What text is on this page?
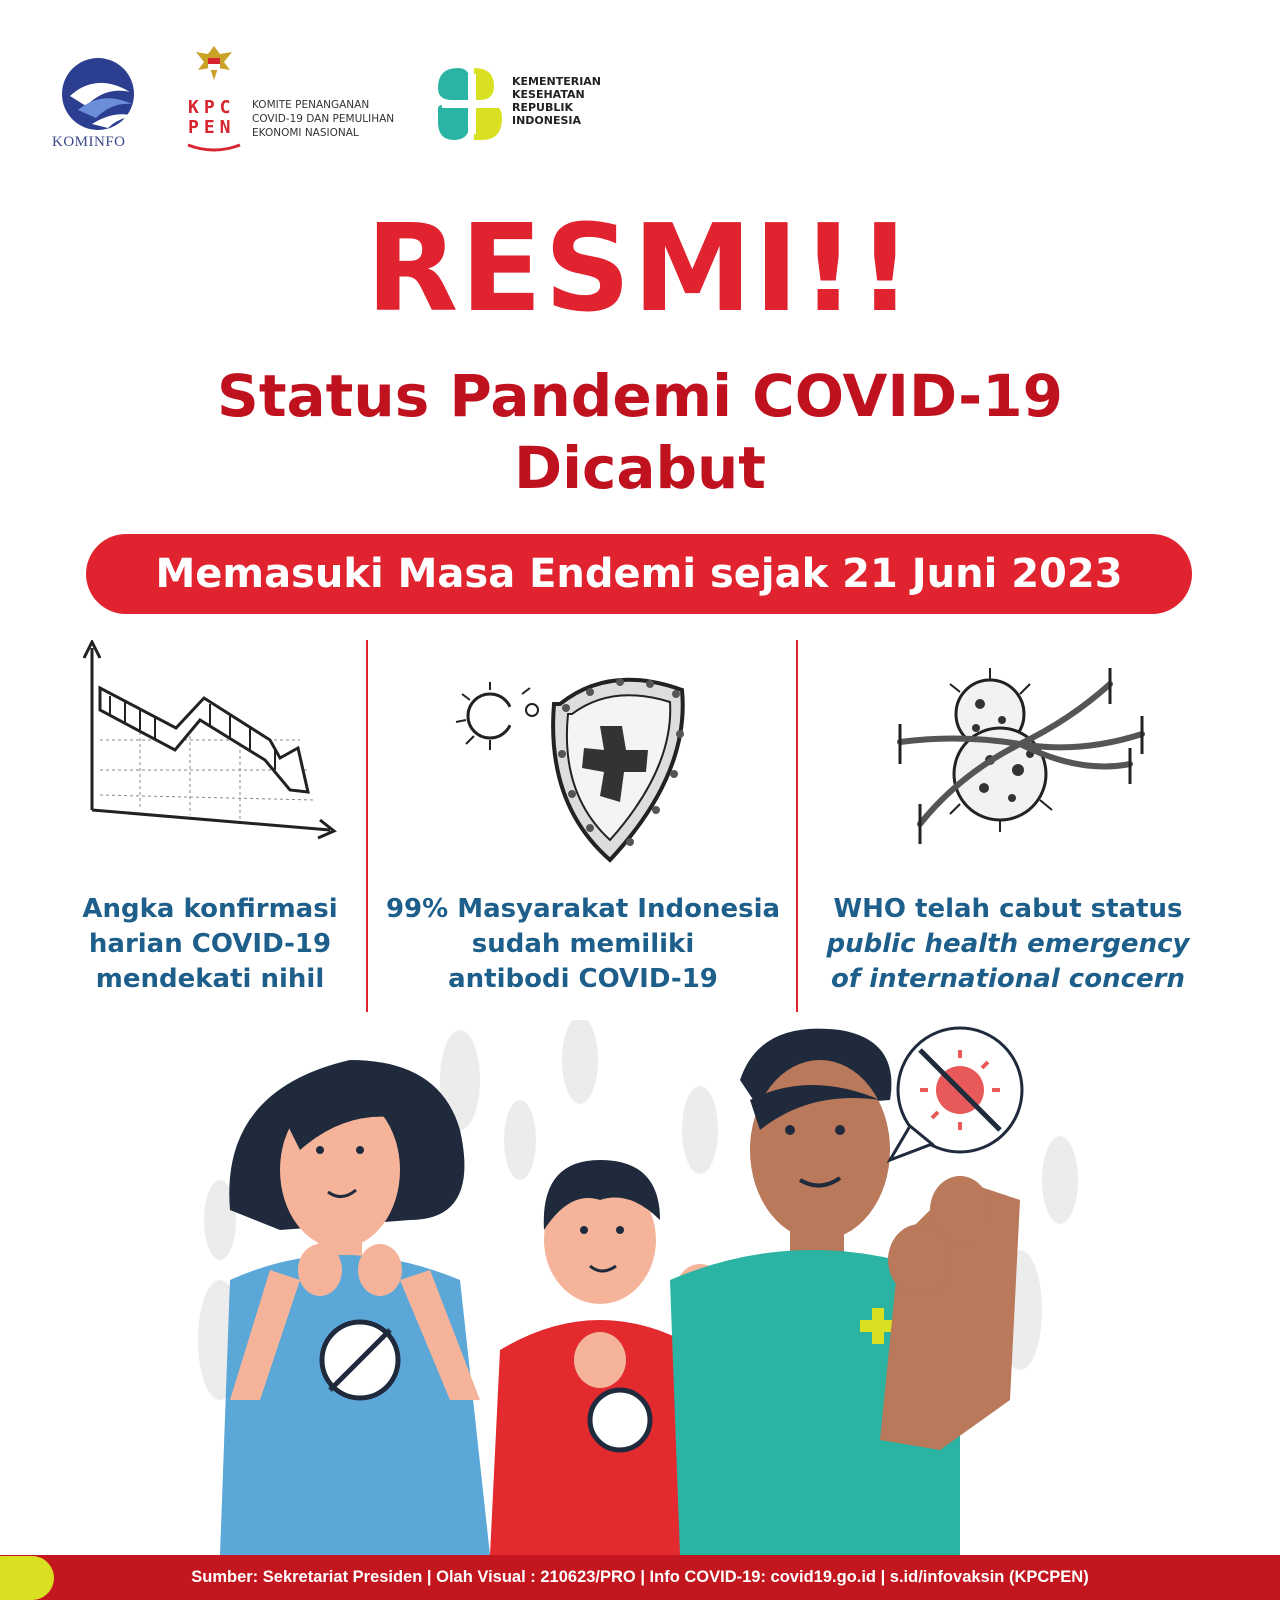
KOMINFO
KPC
PEN
KOMITE PENANGANAN
COVID-19 DAN PEMULIHAN
EKONOMI NASIONAL
KEMENTERIAN
KESEHATAN
REPUBLIK
INDONESIA
RESMI!!
Status Pandemi COVID-19
Dicabut
Memasuki Masa Endemi sejak 21 Juni 2023
Angka konfirmasi
harian COVID-19
mendekati nihil
99% Masyarakat Indonesia
sudah memiliki
antibodi COVID-19
WHO telah cabut status
public health emergency
of international concern
Sumber: Sekretariat Presiden | Olah Visual : 210623/PRO | Info COVID-19: covid19.go.id | s.id/infovaksin (KPCPEN)
